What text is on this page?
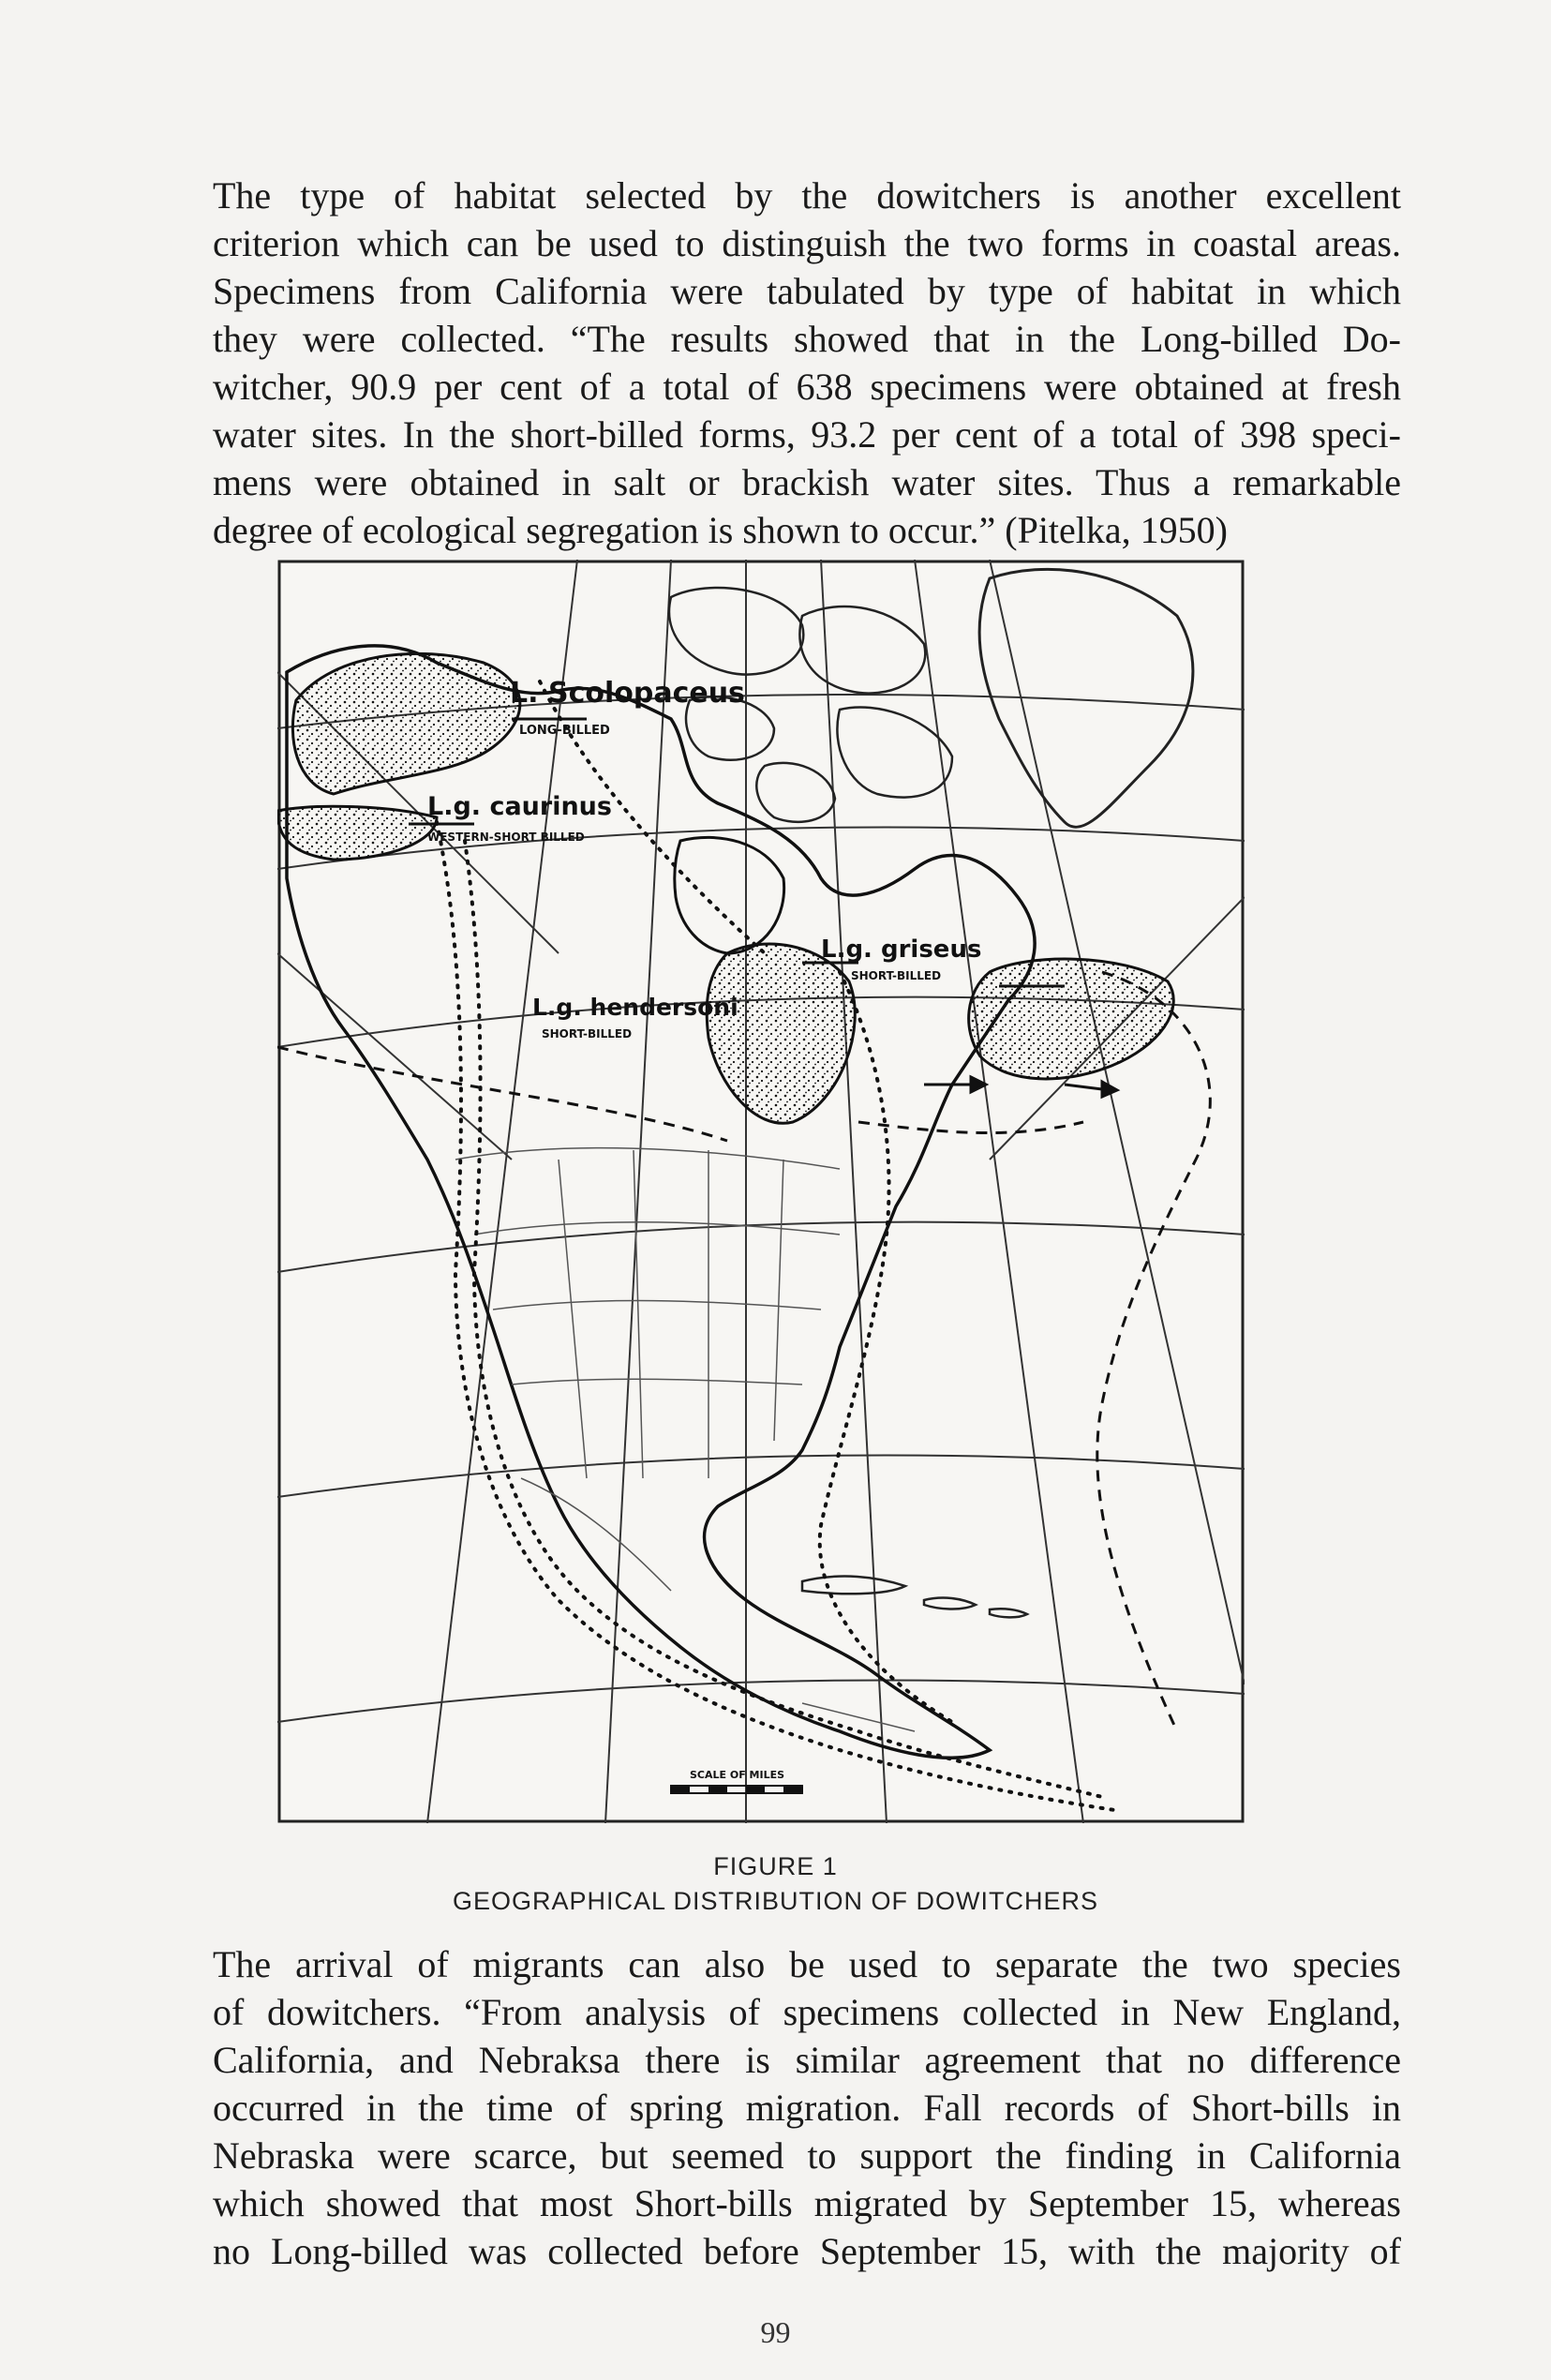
The type of habitat selected by the dowitchers is another excellent
criterion which can be used to distinguish the two forms in coastal areas.
Specimens from California were tabulated by type of habitat in which
they were collected. “The results showed that in the Long-billed Do-
witcher, 90.9 per cent of a total of 638 specimens were obtained at fresh
water sites. In the short-billed forms, 93.2 per cent of a total of 398 speci-
mens were obtained in salt or brackish water sites. Thus a remarkable
degree of ecological segregation is shown to occur.” (Pitelka, 1950)
L. Scolopaceus
LONG-BILLED
L.g. caurinus
WESTERN-SHORT BILLED
L.g. griseus
SHORT-BILLED
L.g. hendersoni
SHORT-BILLED
SCALE OF MILES
FIGURE 1
GEOGRAPHICAL DISTRIBUTION OF DOWITCHERS
The arrival of migrants can also be used to separate the two species
of dowitchers. “From analysis of specimens collected in New England,
California, and Nebraksa there is similar agreement that no difference
occurred in the time of spring migration. Fall records of Short-bills in
Nebraska were scarce, but seemed to support the finding in California
which showed that most Short-bills migrated by September 15, whereas
no Long-billed was collected before September 15, with the majority of
99
